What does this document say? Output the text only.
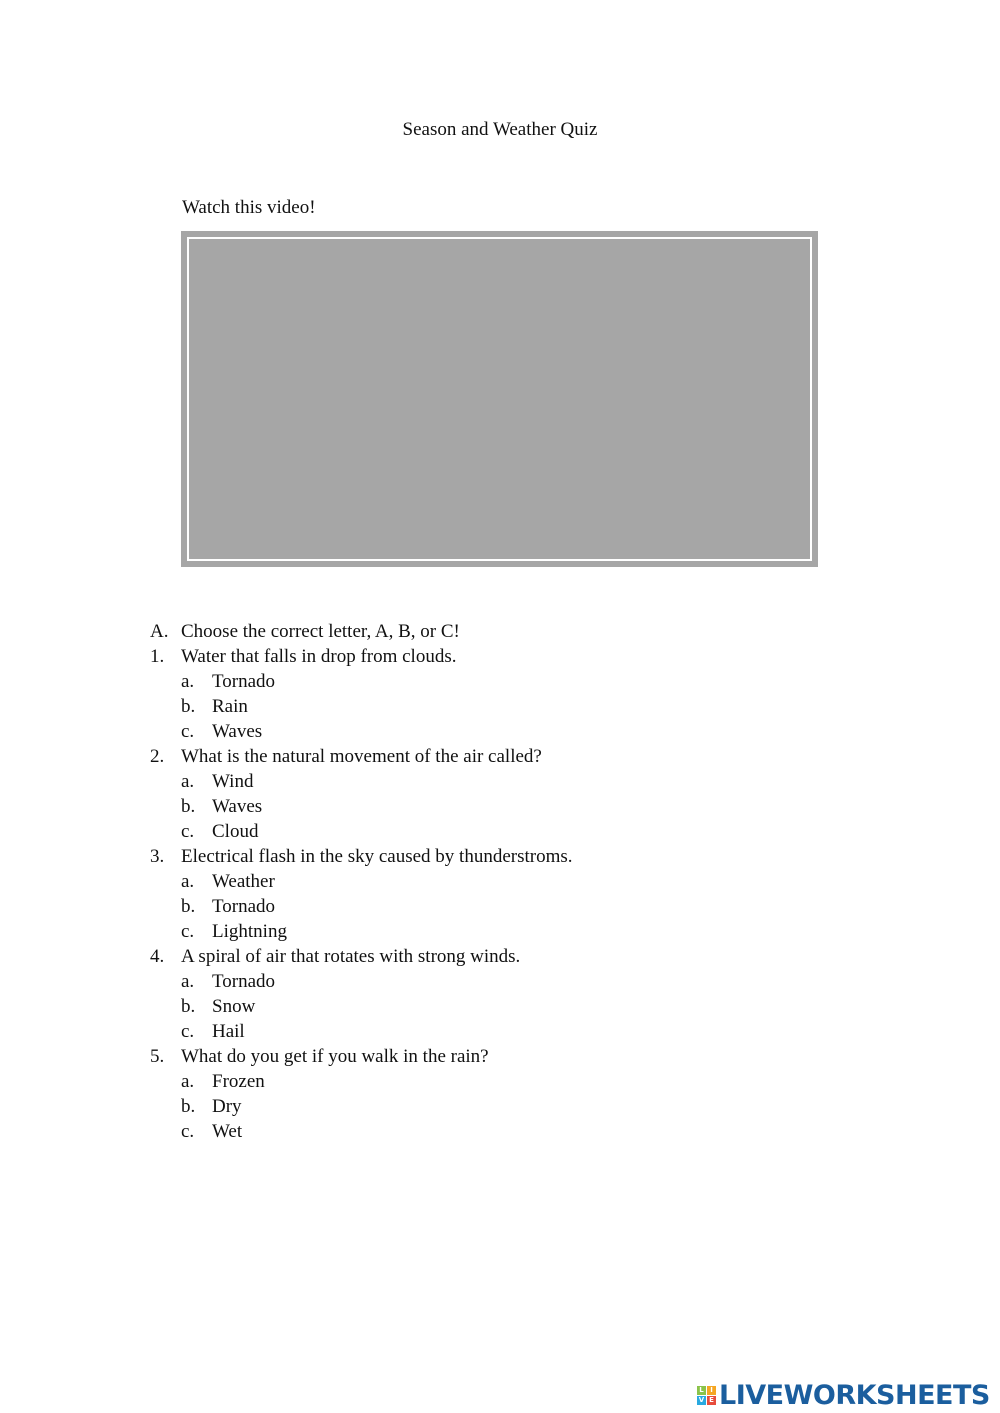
Season and Weather Quiz
Watch this video!
A. Choose the correct letter, A, B, or C!
1. Water that falls in drop from clouds.
a. Tornado
b. Rain
c. Waves
2. What is the natural movement of the air called?
a. Wind
b. Waves
c. Cloud
3. Electrical flash in the sky caused by thunderstroms.
a. Weather
b. Tornado
c. Lightning
4. A spiral of air that rotates with strong winds.
a. Tornado
b. Snow
c. Hail
5. What do you get if you walk in the rain?
a. Frozen
b. Dry
c. Wet
L I
V E LIVEWORKSHEETS
